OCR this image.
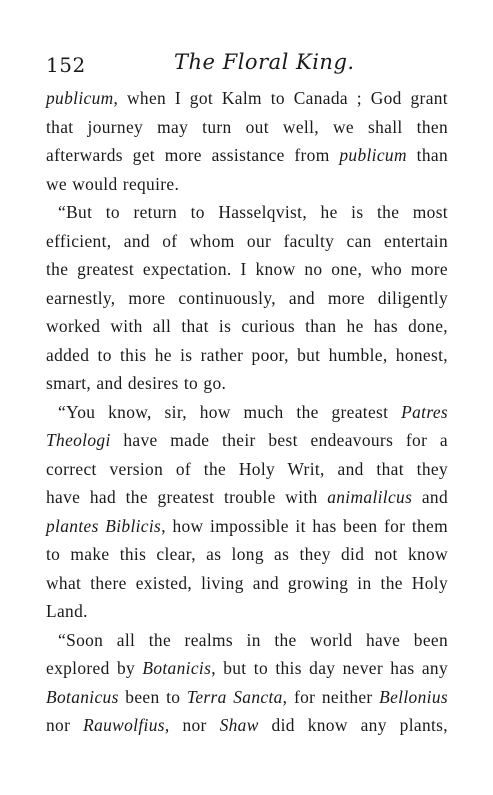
152	The Floral King.
publicum, when I got Kalm to Canada ; God grant
that journey may turn out well, we shall then
afterwards get more assistance from publicum than
we would require.
“But to return to Hasselqvist, he is the most
efficient, and of whom our faculty can entertain
the greatest expectation. I know no one, who more
earnestly, more continuously, and more diligently
worked with all that is curious than he has done,
added to this he is rather poor, but humble, honest,
smart, and desires to go.
“You know, sir, how much the greatest Patres
Theologi have made their best endeavours for a
correct version of the Holy Writ, and that they
have had the greatest trouble with animalilcus and
plantes Biblicis, how impossible it has been for them
to make this clear, as long as they did not know
what there existed, living and growing in the Holy
Land.
“Soon all the realms in the world have been
explored by Botanicis, but to this day never has any
Botanicus been to Terra Sancta, for neither Bellonius
nor Rauwolfius, nor Shaw did know any plants,
